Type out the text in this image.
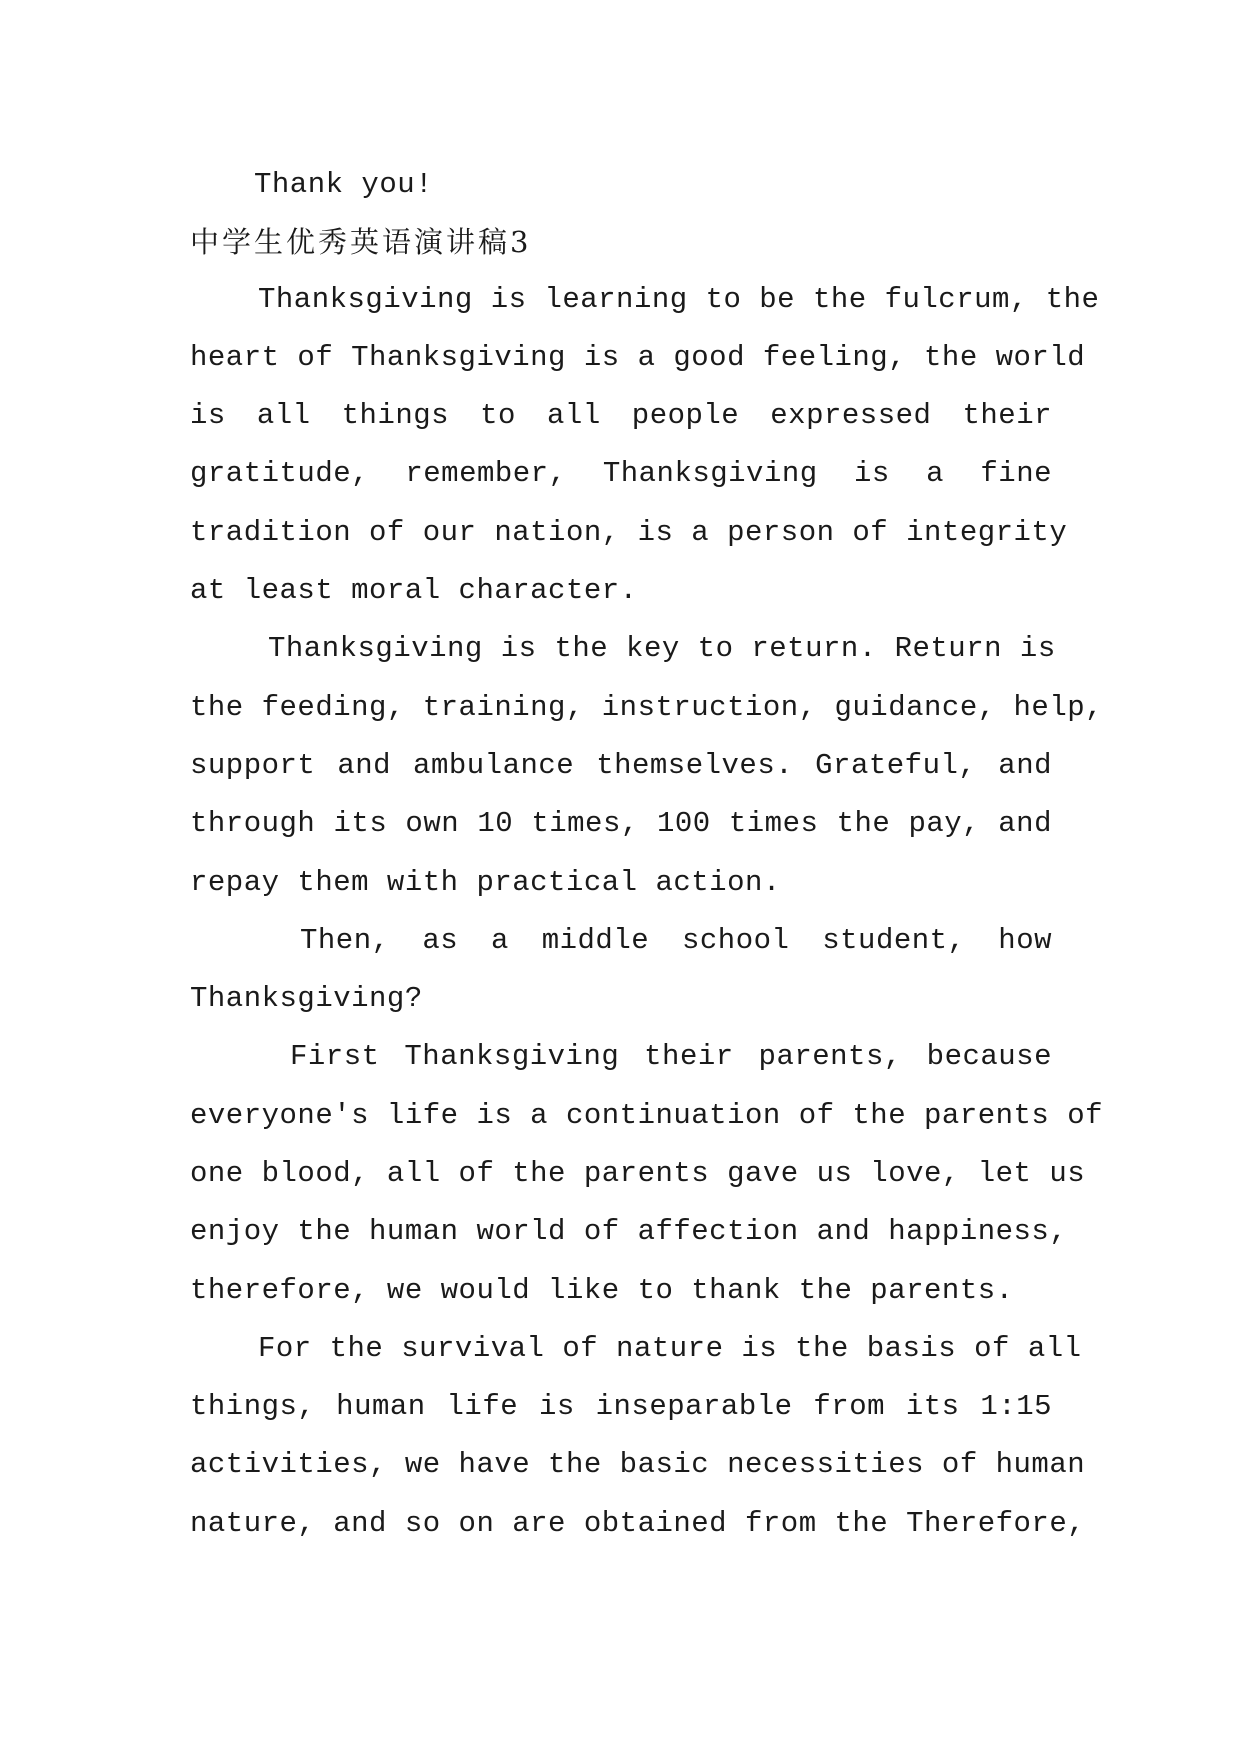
Thank you!
中学生优秀英语演讲稿3
Thanksgiving is learning to be the fulcrum, the
heart of Thanksgiving is a good feeling, the world
is all things to all people expressed their
gratitude, remember, Thanksgiving is a fine
tradition of our nation, is a person of integrity
at least moral character.
Thanksgiving is the key to return. Return is
the feeding, training, instruction, guidance, help,
support and ambulance themselves. Grateful, and
through its own 10 times, 100 times the pay, and
repay them with practical action.
Then, as a middle school student, how
Thanksgiving?
First Thanksgiving their parents, because
everyone's life is a continuation of the parents of
one blood, all of the parents gave us love, let us
enjoy the human world of affection and happiness,
therefore, we would like to thank the parents.
For the survival of nature is the basis of all
things, human life is inseparable from its 1:15
activities, we have the basic necessities of human
nature, and so on are obtained from the Therefore,
